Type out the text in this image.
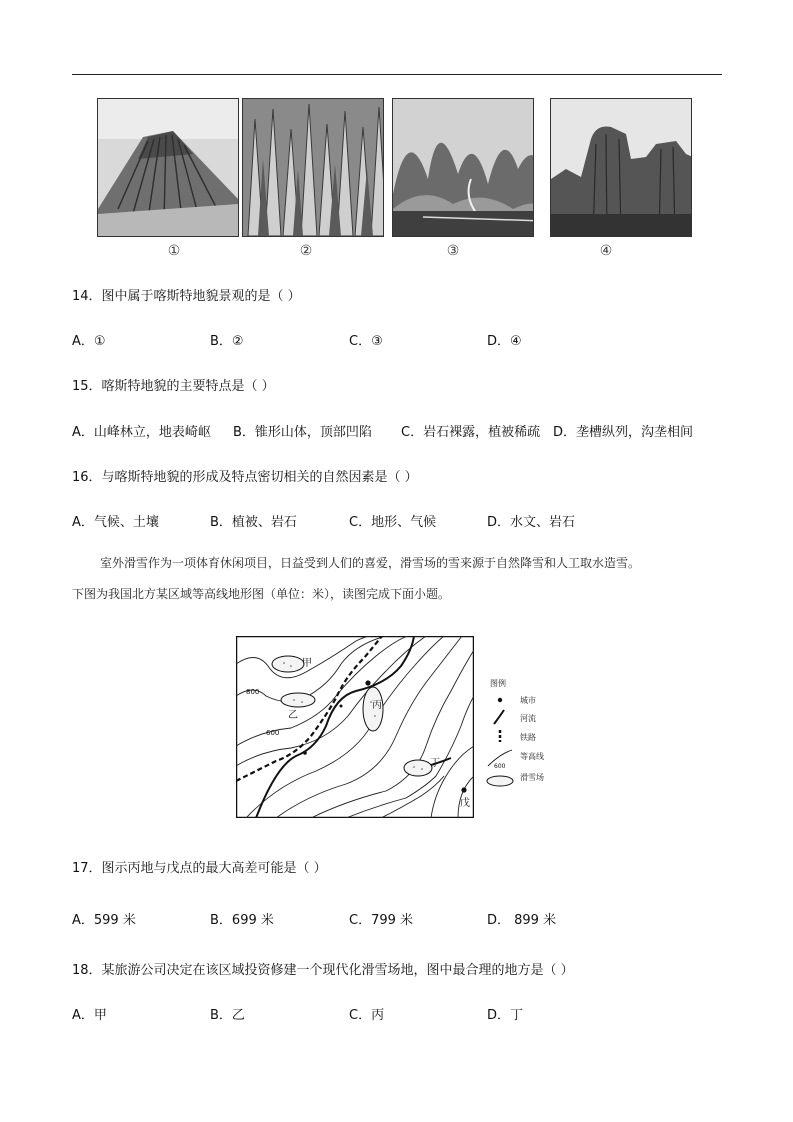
①	②	③	④
14．图中属于喀斯特地貌景观的是（ ）
A．①	B．②	C．③	D．④
15．喀斯特地貌的主要特点是（ ）
A．山峰林立，地表崎岖 B．锥形山体，顶部凹陷 C．岩石裸露，植被稀疏 D．垄槽纵列，沟垄相间
16．与喀斯特地貌的形成及特点密切相关的自然因素是（ ）
A．气候、土壤	B．植被、岩石	C．地形、气候	D．水文、岩石
室外滑雪作为一项体育休闲项目，日益受到人们的喜爱，滑雪场的雪来源于自然降雪和人工取水造雪。
下图为我国北方某区域等高线地形图（单位：米），读图完成下面小题。
甲
乙
丙
丁
戊
800
600
图例
城市
河流
铁路
600
等高线
滑雪场
17．图示丙地与戊点的最大高差可能是（ ）
A．599 米	B．699 米	C．799 米	D． 899 米
18．某旅游公司决定在该区域投资修建一个现代化滑雪场地，图中最合理的地方是（ ）
A．甲	B．乙	C．丙	D．丁
